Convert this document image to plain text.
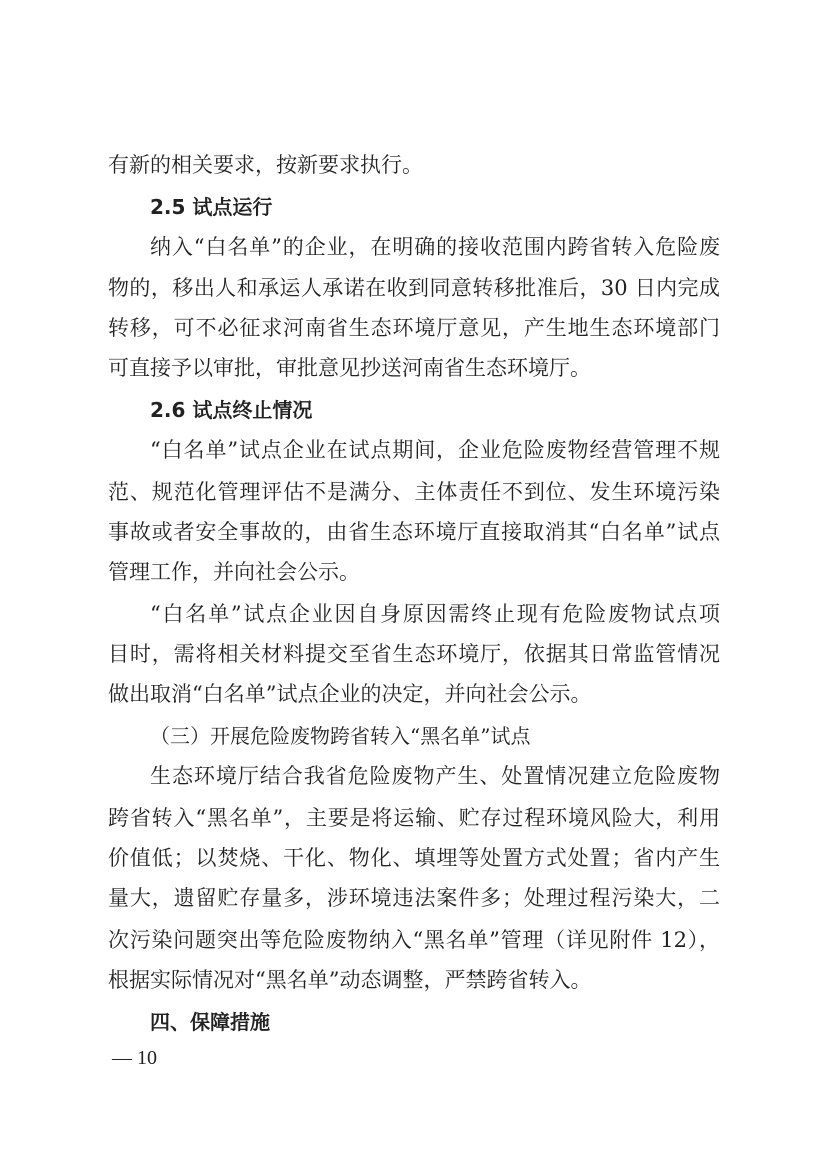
有新的相关要求，按新要求执行。
2.5 试点运行
纳入“白名单”的企业，在明确的接收范围内跨省转入危险废
物的，移出人和承运人承诺在收到同意转移批准后，30 日内完成
转移，可不必征求河南省生态环境厅意见，产生地生态环境部门
可直接予以审批，审批意见抄送河南省生态环境厅。
2.6 试点终止情况
“白名单”试点企业在试点期间，企业危险废物经营管理不规
范、规范化管理评估不是满分、主体责任不到位、发生环境污染
事故或者安全事故的，由省生态环境厅直接取消其“白名单”试点
管理工作，并向社会公示。
“白名单”试点企业因自身原因需终止现有危险废物试点项
目时，需将相关材料提交至省生态环境厅，依据其日常监管情况
做出取消“白名单”试点企业的决定，并向社会公示。
（三）开展危险废物跨省转入“黑名单”试点
生态环境厅结合我省危险废物产生、处置情况建立危险废物
跨省转入“黑名单”，主要是将运输、贮存过程环境风险大，利用
价值低；以焚烧、干化、物化、填埋等处置方式处置；省内产生
量大，遗留贮存量多，涉环境违法案件多；处理过程污染大，二
次污染问题突出等危险废物纳入“黑名单”管理（详见附件 12），
根据实际情况对“黑名单”动态调整，严禁跨省转入。
四、保障措施
— 10
